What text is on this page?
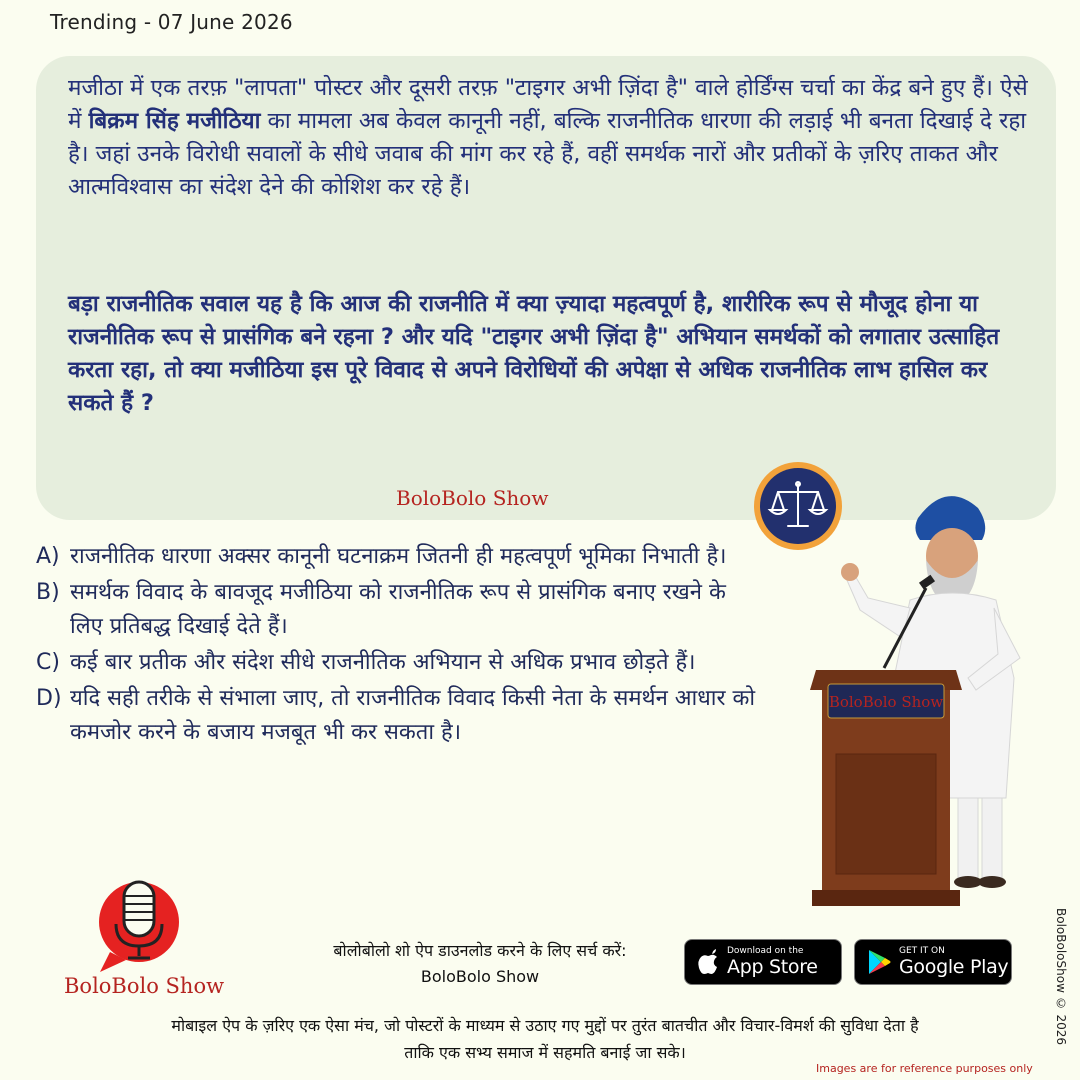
Trending - 07 June 2026
मजीठा में एक तरफ़ "लापता" पोस्टर और दूसरी तरफ़ "टाइगर अभी ज़िंदा है" वाले होर्डिंग्स चर्चा का केंद्र बने हुए हैं। ऐसे में बिक्रम सिंह मजीठिया का मामला अब केवल कानूनी नहीं, बल्कि राजनीतिक धारणा की लड़ाई भी बनता दिखाई दे रहा है। जहां उनके विरोधी सवालों के सीधे जवाब की मांग कर रहे हैं, वहीं समर्थक नारों और प्रतीकों के ज़रिए ताकत और आत्मविश्वास का संदेश देने की कोशिश कर रहे हैं।
बड़ा राजनीतिक सवाल यह है कि आज की राजनीति में क्या ज़्यादा महत्वपूर्ण है, शारीरिक रूप से मौजूद होना या राजनीतिक रूप से प्रासंगिक बने रहना ? और यदि "टाइगर अभी ज़िंदा है" अभियान समर्थकों को लगातार उत्साहित करता रहा, तो क्या मजीठिया इस पूरे विवाद से अपने विरोधियों की अपेक्षा से अधिक राजनीतिक लाभ हासिल कर सकते हैं ?
BoloBolo Show
A) राजनीतिक धारणा अक्सर कानूनी घटनाक्रम जितनी ही महत्वपूर्ण भूमिका निभाती है।
B) समर्थक विवाद के बावजूद मजीठिया को राजनीतिक रूप से प्रासंगिक बनाए रखने के लिए प्रतिबद्ध दिखाई देते हैं।
C) कई बार प्रतीक और संदेश सीधे राजनीतिक अभियान से अधिक प्रभाव छोड़ते हैं।
D) यदि सही तरीके से संभाला जाए, तो राजनीतिक विवाद किसी नेता के समर्थन आधार को कमजोर करने के बजाय मजबूत भी कर सकता है।
BoloBolo Show
BoloBolo Show
बोलोबोलो शो ऐप डाउनलोड करने के लिए सर्च करें:
BoloBolo Show
Download on the
App Store
GET IT ON
Google Play
मोबाइल ऐप के ज़रिए एक ऐसा मंच, जो पोस्टरों के माध्यम से उठाए गए मुद्दों पर तुरंत बातचीत और विचार-विमर्श की सुविधा देता है
ताकि एक सभ्य समाज में सहमति बनाई जा सके।
BoloBoloShow © 2026
Images are for reference purposes only
